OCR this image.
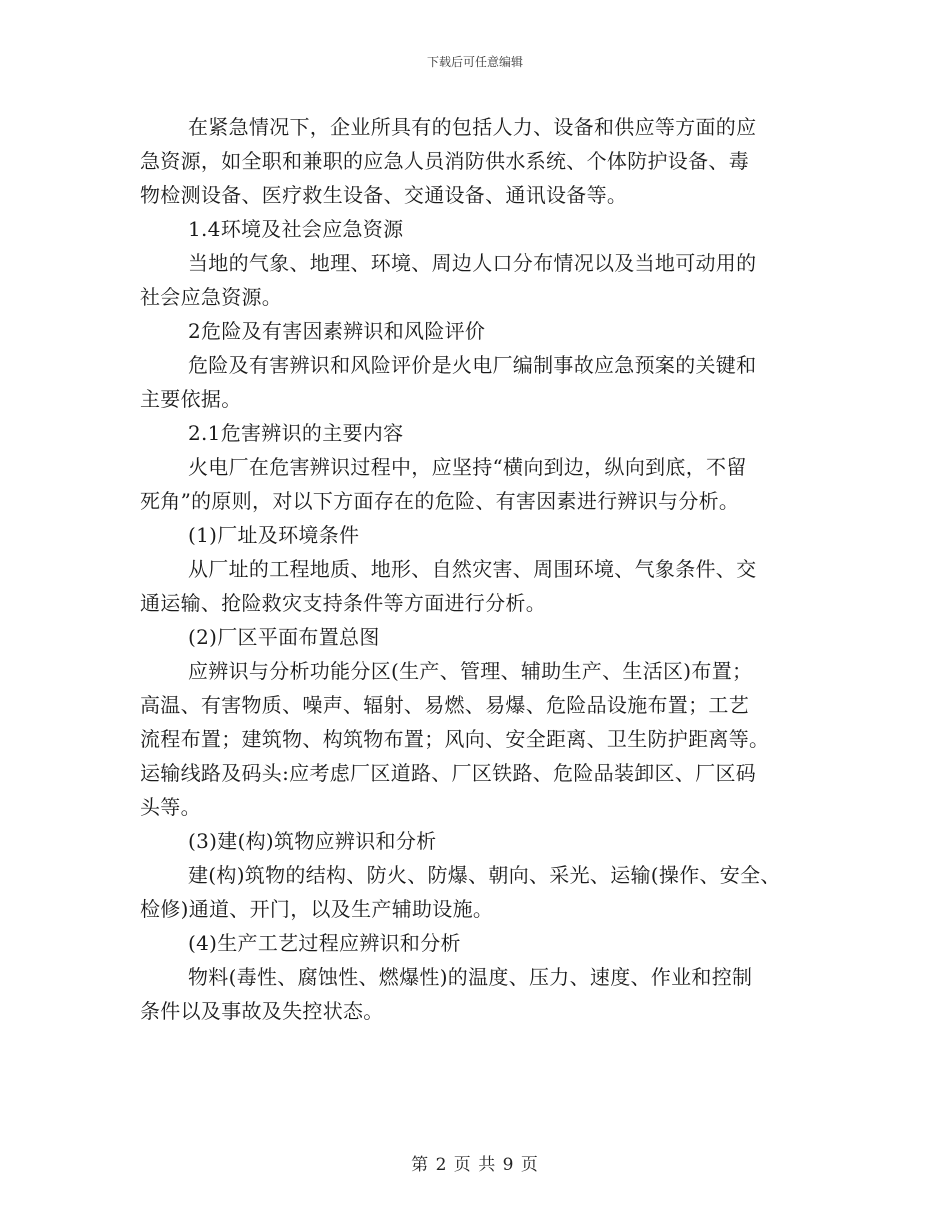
下载后可任意编辑

在紧急情况下，企业所具有的包括人力、设备和供应等方面的应

急资源，如全职和兼职的应急人员消防供水系统、个体防护设备、毒

物检测设备、医疗救生设备、交通设备、通讯设备等。

1.4环境及社会应急资源

当地的气象、地理、环境、周边人口分布情况以及当地可动用的

社会应急资源。

2危险及有害因素辨识和风险评价

危险及有害辨识和风险评价是火电厂编制事故应急预案的关键和

主要依据。

2.1危害辨识的主要内容

火电厂在危害辨识过程中，应坚持“横向到边，纵向到底，不留

死角”的原则，对以下方面存在的危险、有害因素进行辨识与分析。

(1)厂址及环境条件

从厂址的工程地质、地形、自然灾害、周围环境、气象条件、交

通运输、抢险救灾支持条件等方面进行分析。

(2)厂区平面布置总图

应辨识与分析功能分区(生产、管理、辅助生产、生活区)布置；

高温、有害物质、噪声、辐射、易燃、易爆、危险品设施布置；工艺

流程布置；建筑物、构筑物布置；风向、安全距离、卫生防护距离等。

运输线路及码头:应考虑厂区道路、厂区铁路、危险品装卸区、厂区码

头等。

(3)建(构)筑物应辨识和分析

建(构)筑物的结构、防火、防爆、朝向、采光、运输(操作、安全、

检修)通道、开门，以及生产辅助设施。

(4)生产工艺过程应辨识和分析

物料(毒性、腐蚀性、燃爆性)的温度、压力、速度、作业和控制

条件以及事故及失控状态。

第 2 页 共 9 页
